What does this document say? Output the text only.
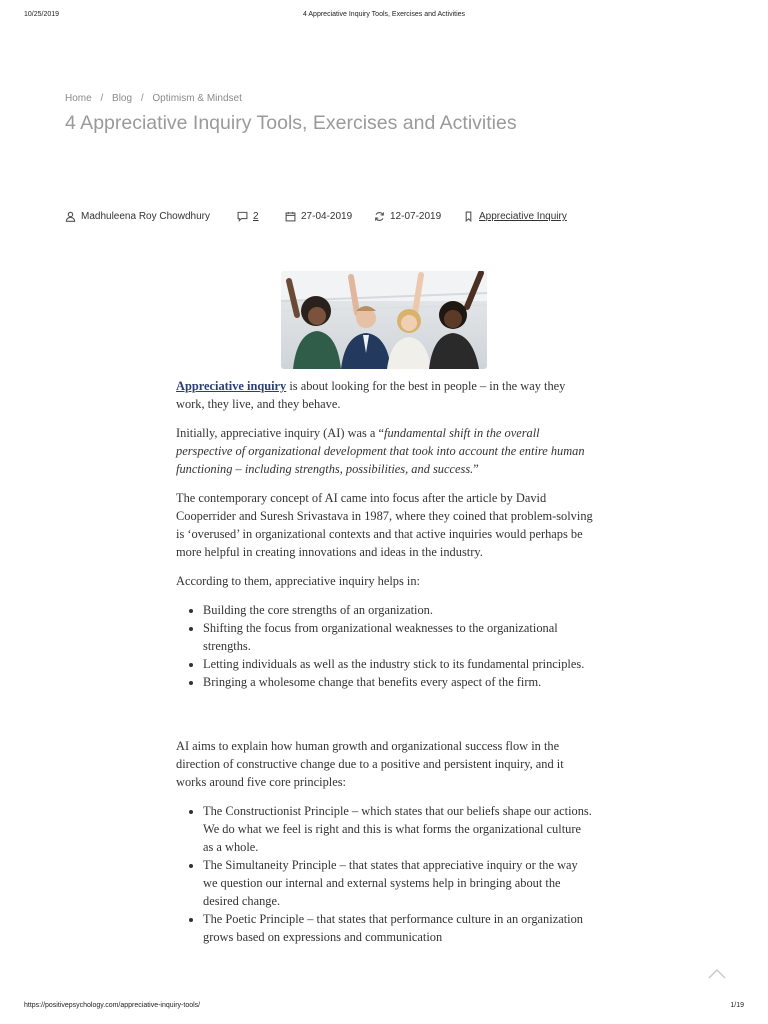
10/25/2019	4 Appreciative Inquiry Tools, Exercises and Activities
Home / Blog / Optimism & Mindset
4 Appreciative Inquiry Tools, Exercises and Activities
Madhuleena Roy Chowdhury	2	27-04-2019	12-07-2019	Appreciative Inquiry

Appreciative inquiry is about looking for the best in people – in the way they work, they live, and they behave.

Initially, appreciative inquiry (AI) was a “fundamental shift in the overall perspective of organizational development that took into account the entire human functioning – including strengths, possibilities, and success.”

The contemporary concept of AI came into focus after the article by David Cooperrider and Suresh Srivastava in 1987, where they coined that problem-solving is ‘overused’ in organizational contexts and that active inquiries would perhaps be more helpful in creating innovations and ideas in the industry.

According to them, appreciative inquiry helps in:

• Building the core strengths of an organization.
• Shifting the focus from organizational weaknesses to the organizational strengths.
• Letting individuals as well as the industry stick to its fundamental principles.
• Bringing a wholesome change that benefits every aspect of the firm.

AI aims to explain how human growth and organizational success flow in the direction of constructive change due to a positive and persistent inquiry, and it works around five core principles:

• The Constructionist Principle – which states that our beliefs shape our actions. We do what we feel is right and this is what forms the organizational culture as a whole.
• The Simultaneity Principle – that states that appreciative inquiry or the way we question our internal and external systems help in bringing about the desired change.
• The Poetic Principle – that states that performance culture in an organization grows based on expressions and communication
https://positivepsychology.com/appreciative-inquiry-tools/	1/19
